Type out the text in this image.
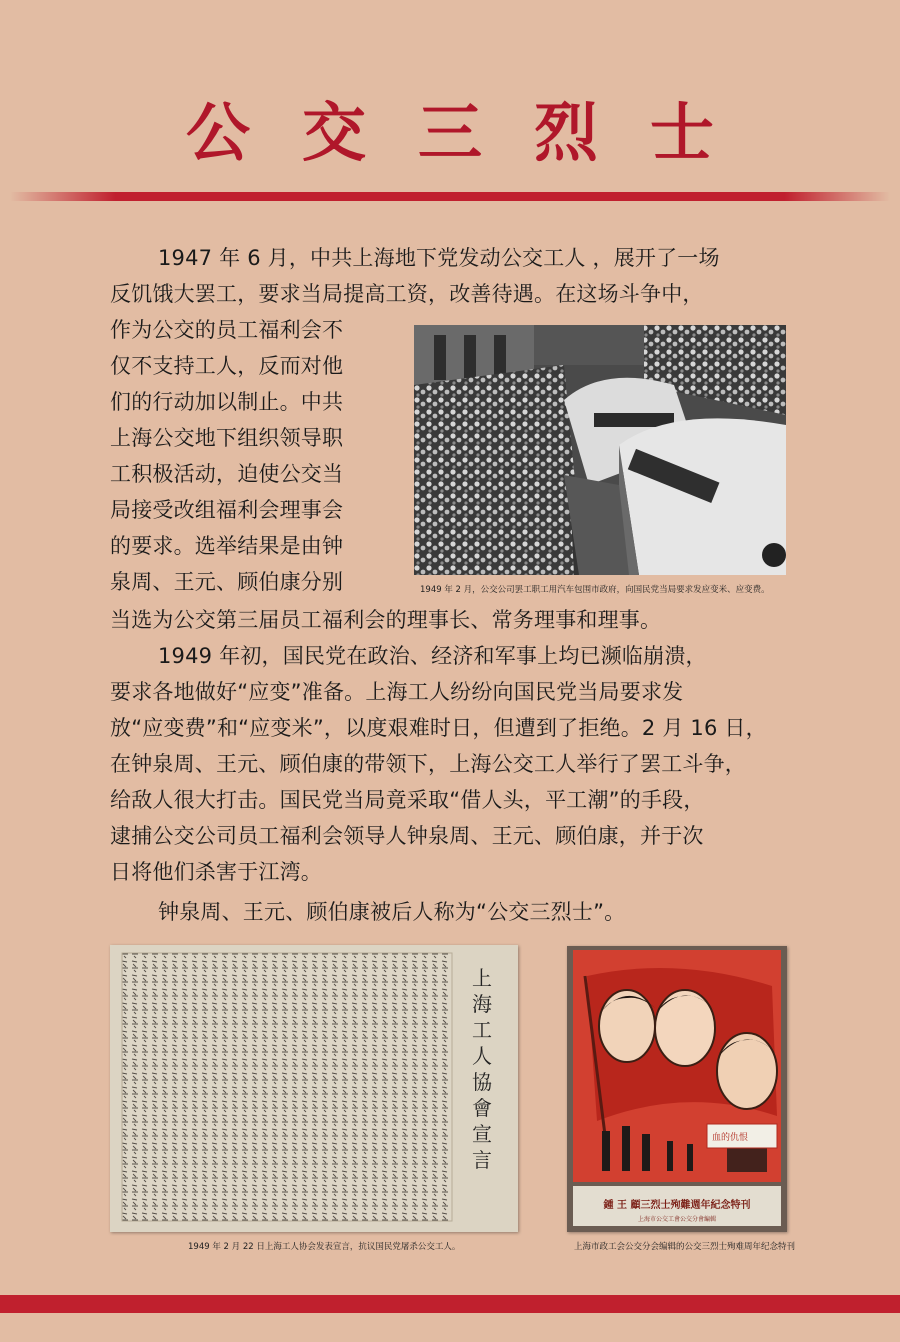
公交三烈士
1947 年 6 月，中共上海地下党发动公交工人 ，展开了一场
反饥饿大罢工，要求当局提高工资，改善待遇。在这场斗争中，
作为公交的员工福利会不
仅不支持工人，反而对他
们的行动加以制止。中共
上海公交地下组织领导职
工积极活动，迫使公交当
局接受改组福利会理事会
的要求。选举结果是由钟
泉周、王元、顾伯康分别
当选为公交第三届员工福利会的理事长、常务理事和理事。
1949 年初，国民党在政治、经济和军事上均已濒临崩溃，
要求各地做好“应变”准备。上海工人纷纷向国民党当局要求发
放“应变费”和“应变米”，以度艰难时日，但遭到了拒绝。2 月 16 日，
在钟泉周、王元、顾伯康的带领下，上海公交工人举行了罢工斗争，
给敌人很大打击。国民党当局竟采取“借人头，平工潮”的手段，
逮捕公交公司员工福利会领导人钟泉周、王元、顾伯康，并于次
日将他们杀害于江湾。
钟泉周、王元、顾伯康被后人称为“公交三烈士”。
1949 年 2 月，公交公司罢工职工用汽车包围市政府，向国民党当局要求发应变米、应变费。
上
海
工
人
協
會
宣
言
1949 年 2 月 22 日上海工人协会发表宣言，抗议国民党屠杀公交工人。
血的仇恨
鍾 王 顧三烈士殉難週年紀念特刊
上海市公交工會公交分會編輯
上海市政工会公交分会编辑的公交三烈士殉难周年纪念特刊
